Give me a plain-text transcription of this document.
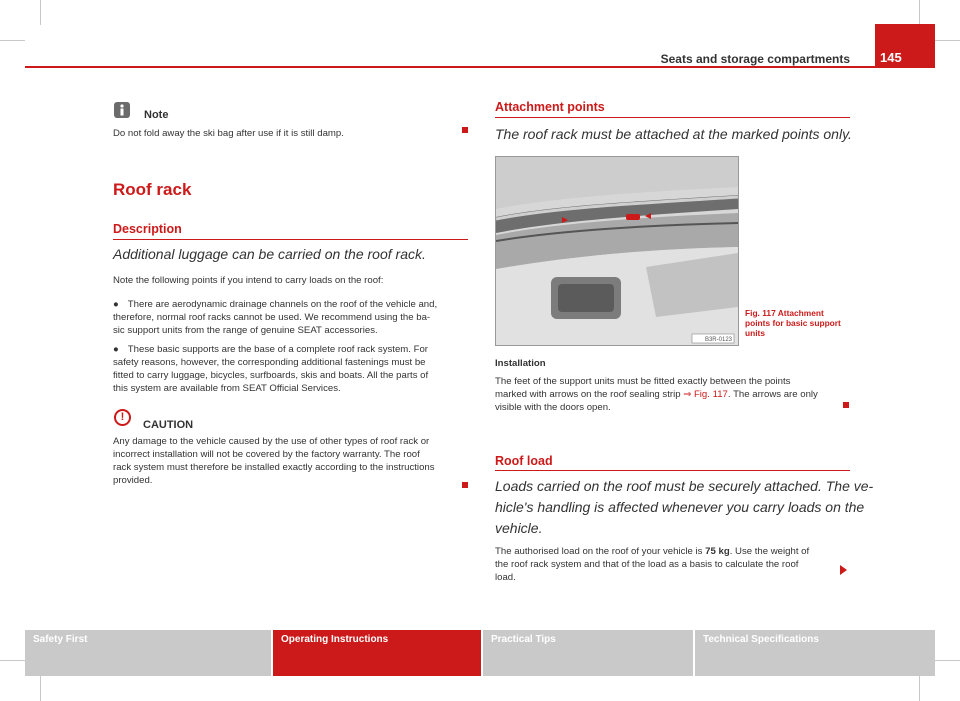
Seats and storage compartments 145
Note
Do not fold away the ski bag after use if it is still damp.
Roof rack
Description
Additional luggage can be carried on the roof rack.
Note the following points if you intend to carry loads on the roof:
● There are aerodynamic drainage channels on the roof of the vehicle and,
therefore, normal roof racks cannot be used. We recommend using the ba-
sic support units from the range of genuine SEAT accessories.
● These basic supports are the base of a complete roof rack system. For
safety reasons, however, the corresponding additional fastenings must be
fitted to carry luggage, bicycles, surfboards, skis and boats. All the parts of
this system are available from SEAT Official Services.
!
CAUTION
Any damage to the vehicle caused by the use of other types of roof rack or
incorrect installation will not be covered by the factory warranty. The roof
rack system must therefore be installed exactly according to the instructions
provided.
Attachment points
The roof rack must be attached at the marked points only.
B3R-0123
Fig. 117 Attachment
points for basic support
units
Installation
The feet of the support units must be fitted exactly between the points
marked with arrows on the roof sealing strip ⇒ Fig. 117. The arrows are only
visible with the doors open.
Roof load
Loads carried on the roof must be securely attached. The ve-
hicle's handling is affected whenever you carry loads on the
vehicle.
The authorised load on the roof of your vehicle is 75 kg. Use the weight of
the roof rack system and that of the load as a basis to calculate the roof
load.
Safety First	Operating Instructions	Practical Tips	Technical Specifications
